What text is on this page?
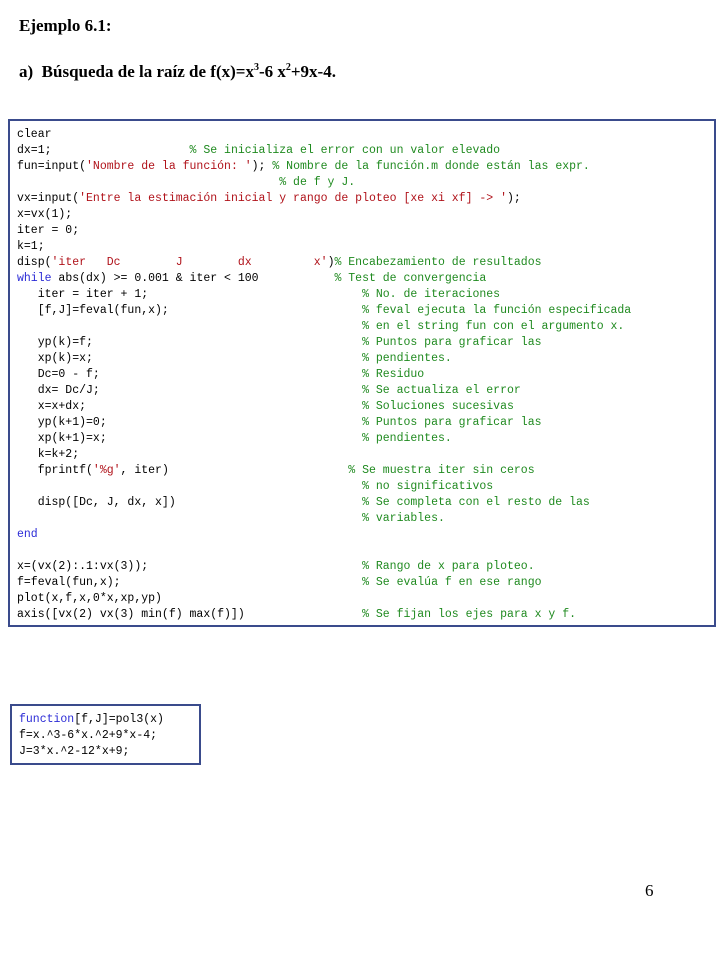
Ejemplo 6.1:
a) Búsqueda de la raíz de $f(x)=x^3-6$ $x^2+9x-4$.
clear
dx=1;                    % Se inicializa el error con un valor elevado
fun=input('Nombre de la función: '); % Nombre de la función.m donde están las expr.
% de f y J.
vx=input('Entre la estimación inicial y rango de ploteo [xe xi xf] -> ');
x=vx(1);
iter = 0;
k=1;
disp('iter   Dc        J        dx         x')% Encabezamiento de resultados
while abs(dx) >= 0.001 & iter < 100           % Test de convergencia
iter = iter + 1;                               % No. de iteraciones
[f,J]=feval(fun,x);                            % feval ejecuta la función especificada
% en el string fun con el argumento x.
yp(k)=f;                                       % Puntos para graficar las
xp(k)=x;                                       % pendientes.
Dc=0 - f;                                      % Residuo
dx= Dc/J;                                      % Se actualiza el error
x=x+dx;                                        % Soluciones sucesivas
yp(k+1)=0;                                     % Puntos para graficar las
xp(k+1)=x;                                     % pendientes.
k=k+2;
fprintf('%g', iter)                          % Se muestra iter sin ceros
% no significativos
disp([Dc, J, dx, x])                           % Se completa con el resto de las
% variables.
end
x=(vx(2):.1:vx(3));                               % Rango de x para ploteo.
f=feval(fun,x);                                   % Se evalúa f en ese rango
plot(x,f,x,0*x,xp,yp)
axis([vx(2) vx(3) min(f) max(f)])                 % Se fijan los ejes para x y f.
function[f,J]=pol3(x)
f=x.^3-6*x.^2+9*x-4;
J=3*x.^2-12*x+9;
6
